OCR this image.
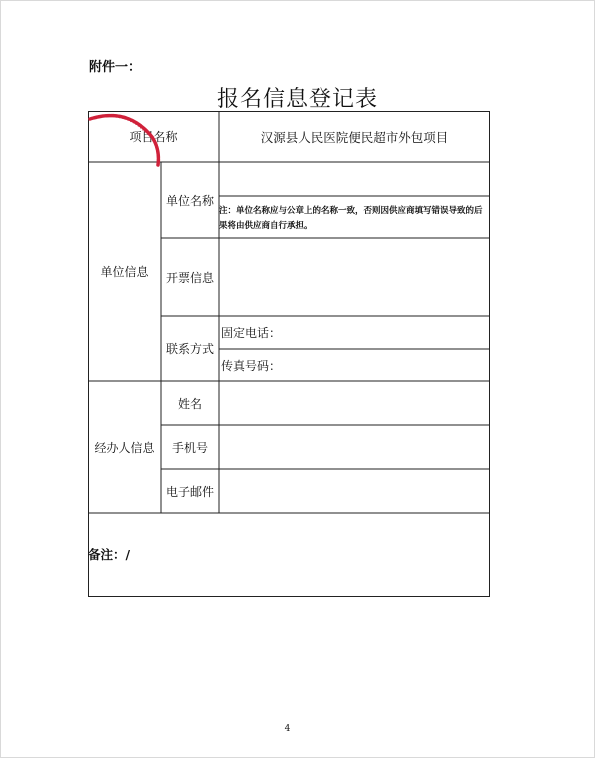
附件一：
报名信息登记表
项目名称	汉源县人民医院便民超市外包项目
单位信息
单位名称
注：单位名称应与公章上的名称一致，否则因供应商填写错误导致的后果将由供应商自行承担。
开票信息
联系方式
固定电话：
传真号码：
经办人信息
姓名
手机号
电子邮件
备注：/
4
